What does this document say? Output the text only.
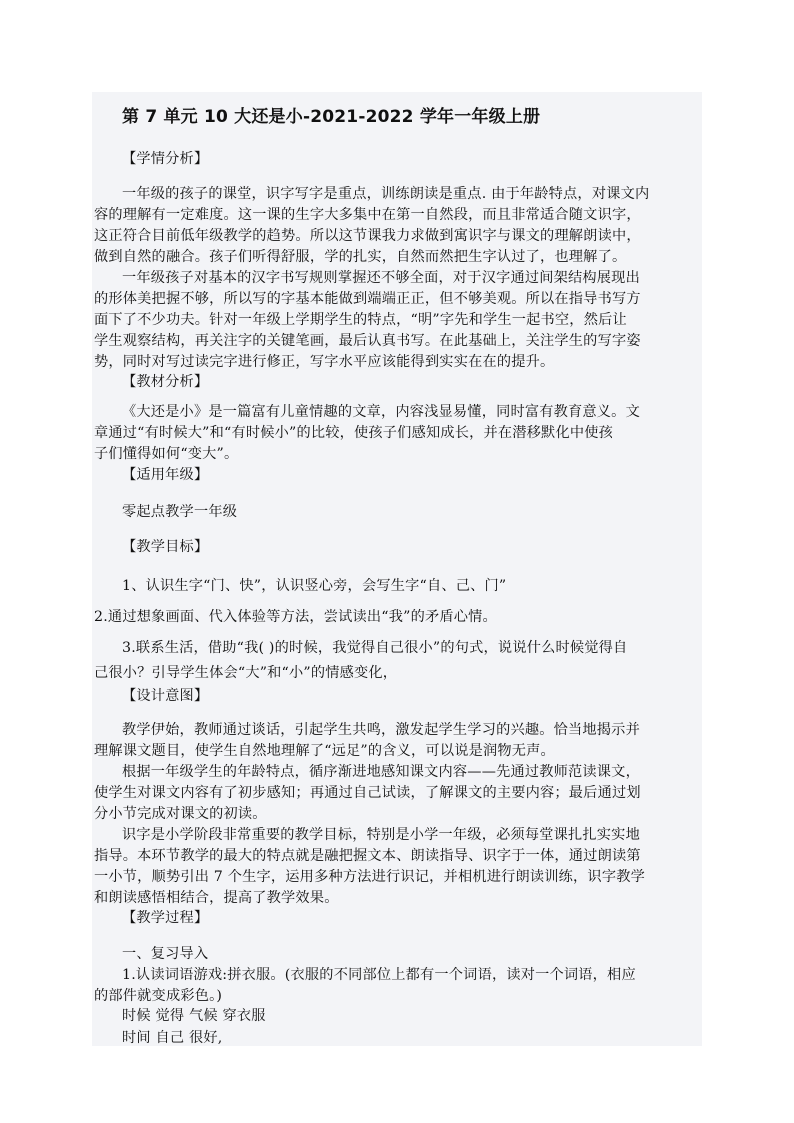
第 7 单元 10 大还是小-2021-2022 学年一年级上册
【学情分析】
一年级的孩子的课堂，识字写字是重点，训练朗读是重点. 由于年龄特点，对课文内
容的理解有一定难度。这一课的生字大多集中在第一自然段，而且非常适合随文识字，
这正符合目前低年级教学的趋势。所以这节课我力求做到寓识字与课文的理解朗读中，
做到自然的融合。孩子们听得舒服，学的扎实，自然而然把生字认过了，也理解了。
一年级孩子对基本的汉字书写规则掌握还不够全面，对于汉字通过间架结构展现出
的形体美把握不够，所以写的字基本能做到端端正正，但不够美观。所以在指导书写方
面下了不少功夫。针对一年级上学期学生的特点，“明”字先和学生一起书空，然后让
学生观察结构，再关注字的关键笔画，最后认真书写。在此基础上，关注学生的写字姿
势，同时对写过读完字进行修正，写字水平应该能得到实实在在的提升。
【教材分析】
《大还是小》是一篇富有儿童情趣的文章，内容浅显易懂，同时富有教育意义。文
章通过“有时候大”和“有时候小”的比较，使孩子们感知成长，并在潜移默化中使孩
子们懂得如何“变大”。
【适用年级】
零起点教学一年级
【教学目标】
1、认识生字“门、快”，认识竖心旁，会写生字“自、己、门”
2.通过想象画面、代入体验等方法，尝试读出“我”的矛盾心情。
3.联系生活，借助“我( )的时候，我觉得自己很小”的句式，说说什么时候觉得自
己很小？引导学生体会“大”和“小”的情感变化，
【设计意图】
教学伊始，教师通过谈话，引起学生共鸣，激发起学生学习的兴趣。恰当地揭示并
理解课文题目，使学生自然地理解了“远足”的含义，可以说是润物无声。
根据一年级学生的年龄特点，循序渐进地感知课文内容——先通过教师范读课文，
使学生对课文内容有了初步感知；再通过自己试读，了解课文的主要内容；最后通过划
分小节完成对课文的初读。
识字是小学阶段非常重要的教学目标，特别是小学一年级，必须每堂课扎扎实实地
指导。本环节教学的最大的特点就是融把握文本、朗读指导、识字于一体，通过朗读第
一小节，顺势引出 7 个生字，运用多种方法进行识记，并相机进行朗读训练，识字教学
和朗读感悟相结合，提高了教学效果。
【教学过程】
一、复习导入
1.认读词语游戏:拼衣服。(衣服的不同部位上都有一个词语，读对一个词语，相应
的部件就变成彩色。)
时候 觉得 气候 穿衣服
时间 自己 很好,
